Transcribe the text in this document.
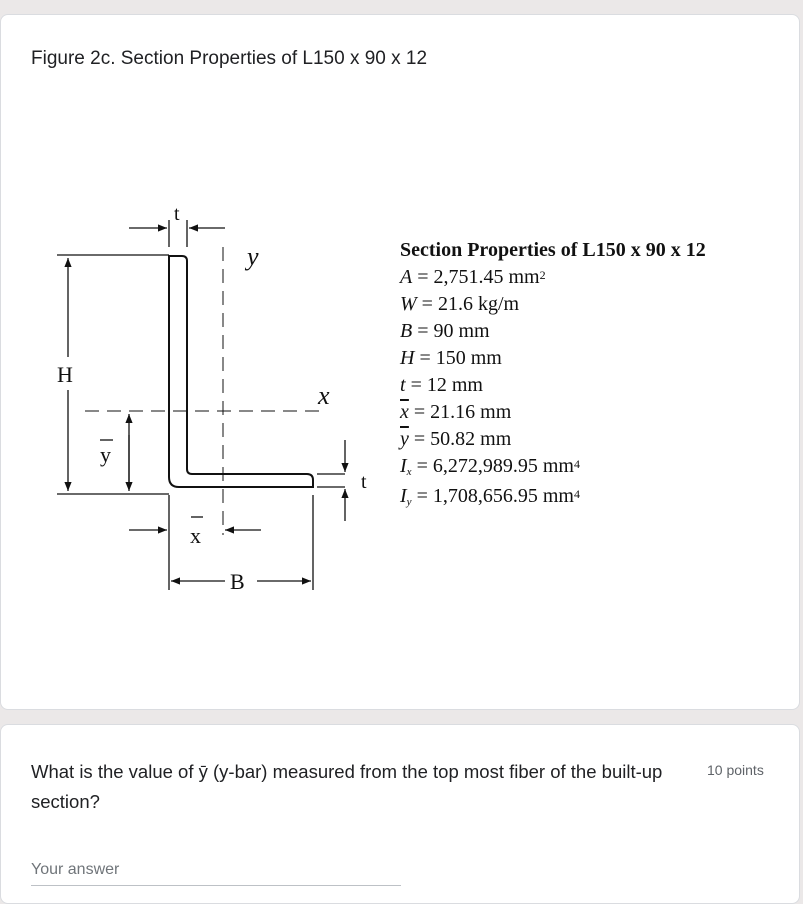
Figure 2c. Section Properties of L150 x 90 x 12
t
y
x
H
y
t
x
B
Section Properties of L150 x 90 x 12
A = 2,751.45 $mm^2$
W = 21.6 kg/m
B = 90 mm
H = 150 mm
t = 12 mm
$\overline{x} = 21.16$ mm
$\overline{y} = 50.82$ mm
$I_x = 6,272,989.95$ $mm^4$
$I_y = 1,708,656.95$ $mm^4$

What is the value of ȳ (y-bar) measured from the top most fiber of the built-up section?

10 points
Your answer
